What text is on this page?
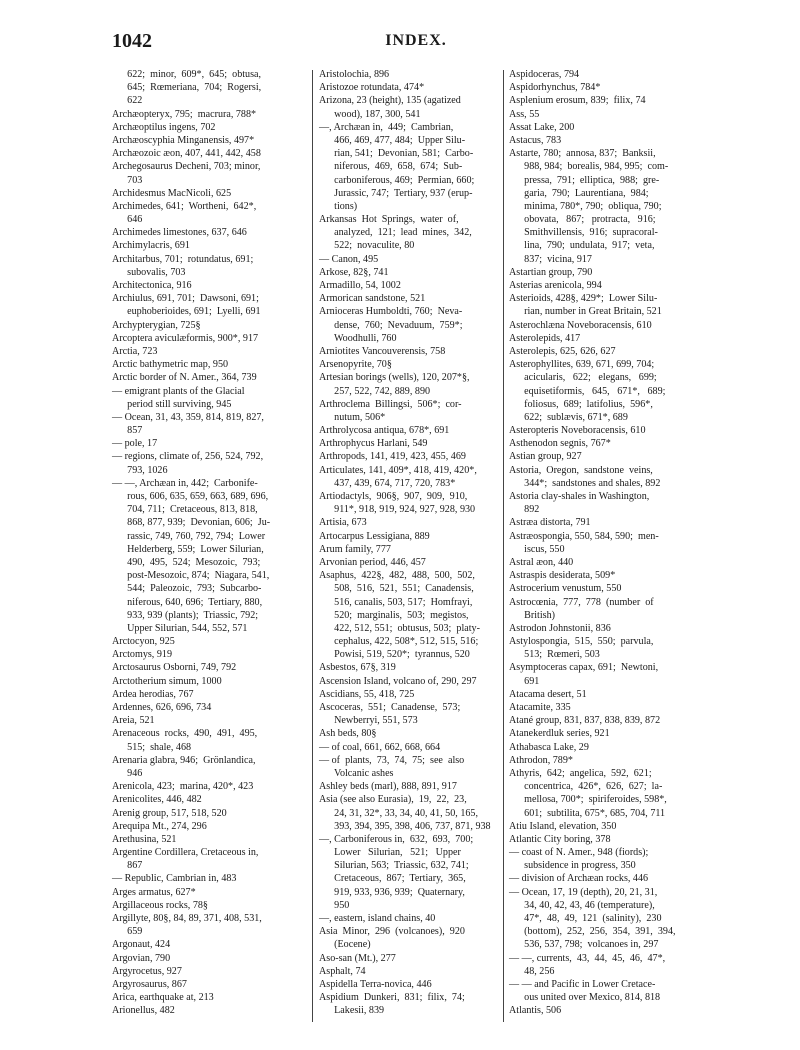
1042	INDEX.
622;  minor,  609*,  645;  obtusa,
645;  Rœmeriana,  704;  Rogersi,
622
Archæopteryx, 795;  macrura, 788*
Archæoptilus ingens, 702
Archæoscyphia Minganensis, 497*
Archæozoic æon, 407, 441, 442, 458
Archegosaurus Decheni, 703; minor,
703
Archidesmus MacNicoli, 625
Archimedes, 641;  Wortheni,  642*,
646
Archimedes limestones, 637, 646
Archimylacris, 691
Architarbus, 701;  rotundatus, 691;
subovalis, 703
Architectonica, 916
Archiulus, 691, 701;  Dawsoni, 691;
euphoberioides, 691;  Lyelli, 691
Archypterygian, 725§
Arcoptera aviculæformis, 900*, 917
Arctia, 723
Arctic bathymetric map, 950
Arctic border of N. Amer., 364, 739
— emigrant plants of the Glacial
period still surviving, 945
— Ocean, 31, 43, 359, 814, 819, 827,
857
— pole, 17
— regions, climate of, 256, 524, 792,
793, 1026
— —, Archæan in, 442;  Carbonife-
rous, 606, 635, 659, 663, 689, 696,
704, 711;  Cretaceous, 813, 818,
868, 877, 939;  Devonian, 606;  Ju-
rassic, 749, 760, 792, 794;  Lower
Helderberg, 559;  Lower Silurian,
490,  495,  524;  Mesozoic,  793;
post-Mesozoic, 874;  Niagara, 541,
544;  Paleozoic,  793;  Subcarbo-
niferous, 640, 696;  Tertiary, 880,
933, 939 (plants);  Triassic, 792;
Upper Silurian, 544, 552, 571
Arctocyon, 925
Arctomys, 919
Arctosaurus Osborni, 749, 792
Arctotherium simum, 1000
Ardea herodias, 767
Ardennes, 626, 696, 734
Areia, 521
Arenaceous  rocks,  490,  491,  495,
515;  shale, 468
Arenaria glabra, 946;  Grönlandica,
946
Arenicola, 423;  marina, 420*, 423
Arenicolites, 446, 482
Arenig group, 517, 518, 520
Arequipa Mt., 274, 296
Arethusina, 521
Argentine Cordillera, Cretaceous in,
867
— Republic, Cambrian in, 483
Arges armatus, 627*
Argillaceous rocks, 78§
Argillyte, 80§, 84, 89, 371, 408, 531,
659
Argonaut, 424
Argovian, 790
Argyrocetus, 927
Argyrosaurus, 867
Arica, earthquake at, 213
Arionellus, 482
Aristolochia, 896
Aristozoe rotundata, 474*
Arizona, 23 (height), 135 (agatized
wood), 187, 300, 541
—, Archæan in,  449;  Cambrian,
466, 469, 477, 484;  Upper Silu-
rian, 541;  Devonian, 581;  Carbo-
niferous,  469,  658,  674;  Sub-
carboniferous, 469;  Permian, 660;
Jurassic, 747;  Tertiary, 937 (erup-
tions)
Arkansas  Hot  Springs,  water  of,
analyzed,  121;  lead  mines,  342,
522;  novaculite, 80
— Canon, 495
Arkose, 82§, 741
Armadillo, 54, 1002
Armorican sandstone, 521
Arnioceras Humboldti, 760;  Neva-
dense,  760;  Nevaduum,  759*;
Woodhulli, 760
Arniotites Vancouverensis, 758
Arsenopyrite, 70§
Artesian borings (wells), 120, 207*§,
257, 522, 742, 889, 890
Arthroclema  Billingsi,  506*;  cor-
nutum, 506*
Arthrolycosa antiqua, 678*, 691
Arthrophycus Harlani, 549
Arthropods, 141, 419, 423, 455, 469
Articulates, 141, 409*, 418, 419, 420*,
437, 439, 674, 717, 720, 783*
Artiodactyls,  906§,  907,  909,  910,
911*, 918, 919, 924, 927, 928, 930
Artisia, 673
Artocarpus Lessigiana, 889
Arum family, 777
Arvonian period, 446, 457
Asaphus,  422§,  482,  488,  500,  502,
508,  516,  521,  551;  Canadensis,
516, canalis, 503, 517;  Homfrayi,
520;  marginalis,  503;  megistos,
422, 512, 551;  obtusus, 503;  platy-
cephalus, 422, 508*, 512, 515, 516;
Powisi, 519, 520*;  tyrannus, 520
Asbestos, 67§, 319
Ascension Island, volcano of, 290, 297
Ascidians, 55, 418, 725
Ascoceras,  551;  Canadense,  573;
Newberryi, 551, 573
Ash beds, 80§
— of coal, 661, 662, 668, 664
— of  plants,  73,  74,  75;  see  also
Volcanic ashes
Ashley beds (marl), 888, 891, 917
Asia (see also Eurasia),  19,  22,  23,
24, 31, 32*, 33, 34, 40, 41, 50, 165,
393, 394, 395, 398, 406, 737, 871, 938
—, Carboniferous in,  632,  693,  700;
Lower   Silurian,   521;   Upper
Silurian, 563;  Triassic, 632, 741;
Cretaceous,  867;  Tertiary,  365,
919, 933, 936, 939;  Quaternary,
950
—, eastern, island chains, 40
Asia  Minor,  296  (volcanoes),  920
(Eocene)
Aso-san (Mt.), 277
Asphalt, 74
Aspidella Terra-novica, 446
Aspidium  Dunkeri,  831;  filix,  74;
Lakesii, 839
Aspidoceras, 794
Aspidorhynchus, 784*
Asplenium erosum, 839;  filix, 74
Ass, 55
Assat Lake, 200
Astacus, 783
Astarte, 780;  annosa, 837;  Banksii,
988, 984;  borealis, 984, 995;  com-
pressa,  791;  elliptica,  988;  gre-
garia,  790;  Laurentiana,  984;
minima, 780*, 790;  obliqua, 790;
obovata,   867;   protracta,   916;
Smithvillensis,  916;  supracoral-
lina,  790;  undulata,  917;  veta,
837;  vicina, 917
Astartian group, 790
Asterias arenicola, 994
Asterioids, 428§, 429*;  Lower Silu-
rian, number in Great Britain, 521
Asterochlæna Noveboracensis, 610
Asterolepids, 417
Asterolepis, 625, 626, 627
Asterophyllites, 639, 671, 699, 704;
acicularis,   622;   elegans,   699;
equisetiformis,   645,   671*,   689;
foliosus,  689;  latifolius,  596*,
622;  sublævis, 671*, 689
Asteropteris Noveboracensis, 610
Asthenodon segnis, 767*
Astian group, 927
Astoria,  Oregon,  sandstone  veins,
344*;  sandstones and shales, 892
Astoria clay-shales in Washington,
892
Astræa distorta, 791
Astræospongia, 550, 584, 590;  men-
iscus, 550
Astral æon, 440
Astraspis desiderata, 509*
Astrocerium venustum, 550
Astrocœnia,  777,  778  (number  of
British)
Astrodon Johnstonii, 836
Astylospongia,  515,  550;  parvula,
513;  Rœmeri, 503
Asymptoceras capax, 691;  Newtoni,
691
Atacama desert, 51
Atacamite, 335
Atané group, 831, 837, 838, 839, 872
Atanekerdluk series, 921
Athabasca Lake, 29
Athrodon, 789*
Athyris,  642;  angelica,  592,  621;
concentrica,  426*,  626,  627;  la-
mellosa, 700*;  spiriferoides, 598*,
601;  subtilita, 675*, 685, 704, 711
Atiu Island, elevation, 350
Atlantic City boring, 378
— coast of N. Amer., 948 (fiords);
subsidence in progress, 350
— division of Archæan rocks, 446
— Ocean, 17, 19 (depth), 20, 21, 31,
34, 40, 42, 43, 46 (temperature),
47*,  48,  49,  121  (salinity),  230
(bottom),  252,  256,  354,  391,  394,
536, 537, 798;  volcanoes in, 297
— —, currents,  43,  44,  45,  46,  47*,
48, 256
— — and Pacific in Lower Cretace-
ous united over Mexico, 814, 818
Atlantis, 506
